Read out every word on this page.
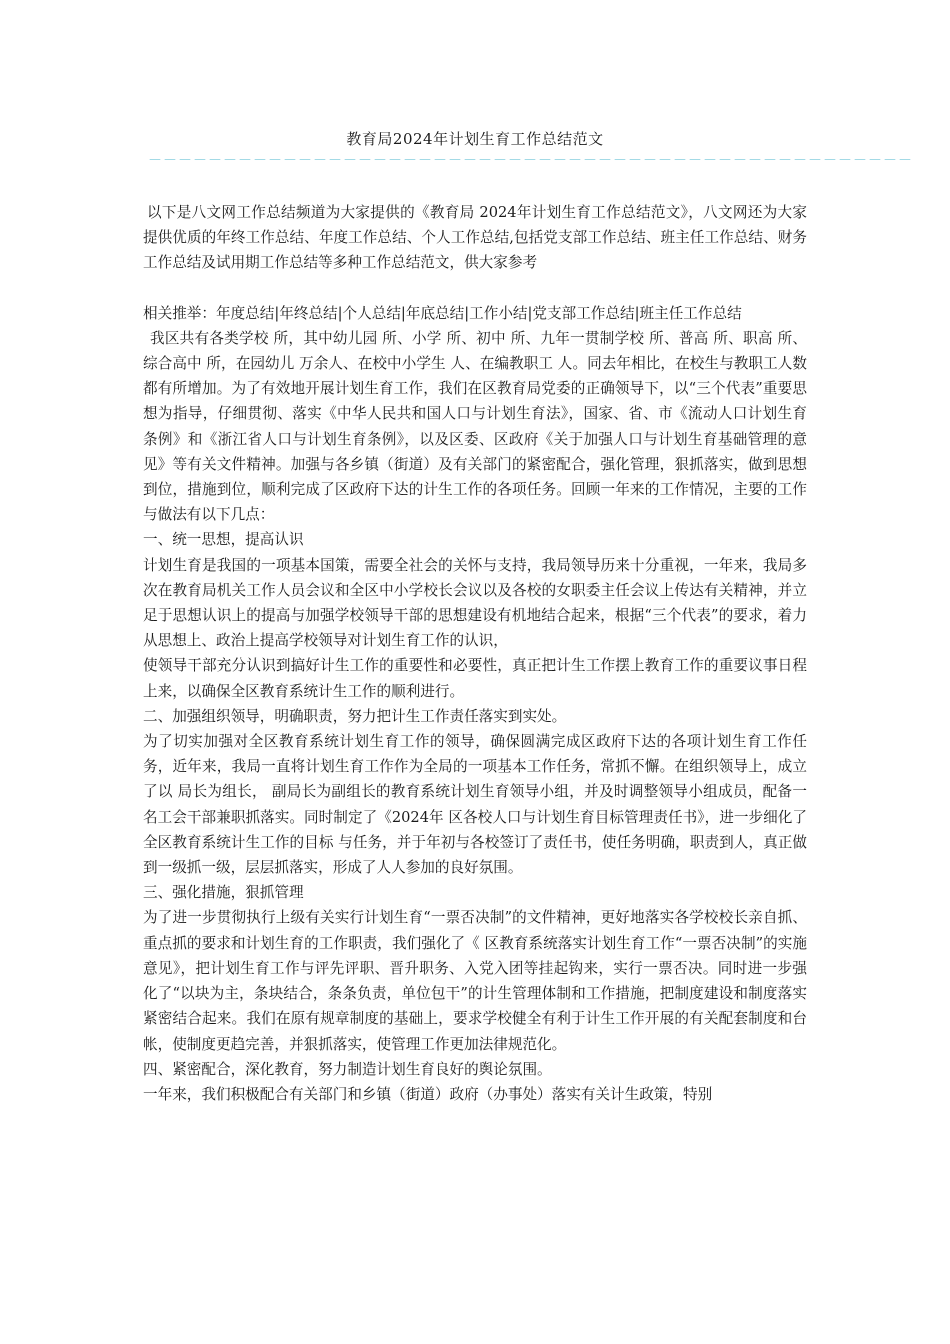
教育局2024年计划生育工作总结范文
－－－－－－－－－－－－－－－－－－－－－－－－－－－－－－－－－－－－－－－－－－－－－－－－－－－

以下是八文网工作总结频道为大家提供的《教育局 2024年计划生育工作总结范文》，八文网还为大家提供优质的年终工作总结、年度工作总结、个人工作总结,包括党支部工作总结、班主任工作总结、财务工作总结及试用期工作总结等多种工作总结范文，供大家参考

相关推举：年度总结|年终总结|个人总结|年底总结|工作小结|党支部工作总结|班主任工作总结

我区共有各类学校 所，其中幼儿园 所、小学 所、初中 所、九年一贯制学校 所、普高 所、职高 所、综合高中 所，在园幼儿 万余人、在校中小学生 人、在编教职工 人。同去年相比，在校生与教职工人数都有所增加。为了有效地开展计划生育工作，我们在区教育局党委的正确领导下，以“三个代表”重要思想为指导，仔细贯彻、落实《中华人民共和国人口与计划生育法》，国家、省、市《流动人口计划生育条例》和《浙江省人口与计划生育条例》，以及区委、区政府《关于加强人口与计划生育基础管理的意见》等有关文件精神。加强与各乡镇（街道）及有关部门的紧密配合，强化管理，狠抓落实，做到思想到位，措施到位，顺利完成了区政府下达的计生工作的各项任务。回顾一年来的工作情况，主要的工作与做法有以下几点：

一、统一思想，提高认识

计划生育是我国的一项基本国策，需要全社会的关怀与支持，我局领导历来十分重视，一年来，我局多次在教育局机关工作人员会议和全区中小学校长会议以及各校的女职委主任会议上传达有关精神，并立足于思想认识上的提高与加强学校领导干部的思想建设有机地结合起来，根据“三个代表”的要求，着力从思想上、政治上提高学校领导对计划生育工作的认识，

使领导干部充分认识到搞好计生工作的重要性和必要性，真正把计生工作摆上教育工作的重要议事日程上来，以确保全区教育系统计生工作的顺利进行。

二、加强组织领导，明确职责，努力把计生工作责任落实到实处。

为了切实加强对全区教育系统计划生育工作的领导，确保圆满完成区政府下达的各项计划生育工作任务，近年来，我局一直将计划生育工作作为全局的一项基本工作任务，常抓不懈。在组织领导上，成立了以 局长为组长， 副局长为副组长的教育系统计划生育领导小组，并及时调整领导小组成员，配备一名工会干部兼职抓落实。同时制定了《2024年 区各校人口与计划生育目标管理责任书》，进一步细化了全区教育系统计生工作的目标 与任务，并于年初与各校签订了责任书，使任务明确，职责到人，真正做到一级抓一级，层层抓落实，形成了人人参加的良好氛围。

三、强化措施，狠抓管理

为了进一步贯彻执行上级有关实行计划生育“一票否决制”的文件精神，更好地落实各学校校长亲自抓、重点抓的要求和计划生育的工作职责，我们强化了《 区教育系统落实计划生育工作“一票否决制”的实施意见》，把计划生育工作与评先评职、晋升职务、入党入团等挂起钩来，实行一票否决。同时进一步强化了“以块为主，条块结合，条条负责，单位包干”的计生管理体制和工作措施，把制度建设和制度落实紧密结合起来。我们在原有规章制度的基础上，要求学校健全有利于计生工作开展的有关配套制度和台帐，使制度更趋完善，并狠抓落实，使管理工作更加法律规范化。

四、紧密配合，深化教育，努力制造计划生育良好的舆论氛围。

一年来，我们积极配合有关部门和乡镇（街道）政府（办事处）落实有关计生政策，特别
